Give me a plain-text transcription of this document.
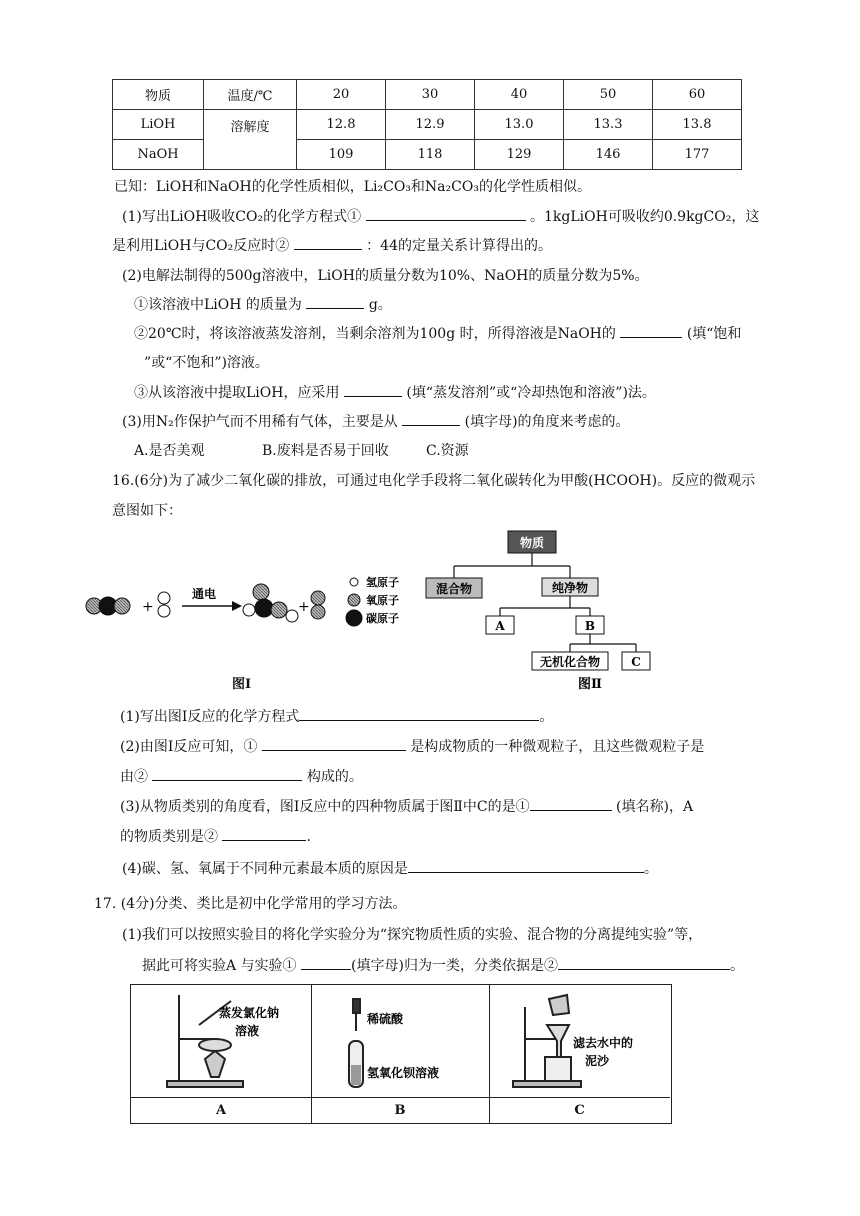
物质	温度/℃	20	30	40	50	60
LiOH	溶解度	12.8	12.9	13.0	13.3	13.8
NaOH		109	118	129	146	177
已知：LiOH和NaOH的化学性质相似，Li₂CO₃和Na₂CO₃的化学性质相似。
(1)写出LiOH吸收CO₂的化学方程式①	。1kgLiOH可吸收约0.9kgCO₂，这
是利用LiOH与CO₂反应时②	：44的定量关系计算得出的。
(2)电解法制得的500g溶液中，LiOH的质量分数为10%、NaOH的质量分数为5%。
①该溶液中LiOH 的质量为	g。
②20℃时，将该溶液蒸发溶剂，当剩余溶剂为100g 时，所得溶液是NaOH的	(填“饱和
”或“不饱和”)溶液。
③从该溶液中提取LiOH，应采用	(填“蒸发溶剂”或“冷却热饱和溶液”)法。
(3)用N₂作保护气而不用稀有气体，主要是从	(填字母)的角度来考虑的。
A.是否美观	B.废料是否易于回收	C.资源
16.(6分)为了减少二氧化碳的排放，可通过电化学手段将二氧化碳转化为甲酸(HCOOH)。反应的微观示
意图如下：
+
通电
+
氢原子
氧原子
碳原子
图Ⅰ
物质
混合物	纯净物
A	B
无机化合物	C
图Ⅱ
(1)写出图Ⅰ反应的化学方程式	。
(2)由图Ⅰ反应可知，①	是构成物质的一种微观粒子，且这些微观粒子是
由②	构成的。
(3)从物质类别的角度看，图Ⅰ反应中的四种物质属于图Ⅱ中C的是①	(填名称)，A
的物质类别是②	.
(4)碳、氢、氧属于不同种元素最本质的原因是	。
17. (4分)分类、类比是初中化学常用的学习方法。
(1)我们可以按照实验目的将化学实验分为“探究物质性质的实验、混合物的分离提纯实验”等，
据此可将实验A 与实验①	(填字母)归为一类，分类依据是②	。
蒸发氯化钠
溶液
稀硫酸
氢氧化钡溶液
滤去水中的
泥沙
A	B	C
